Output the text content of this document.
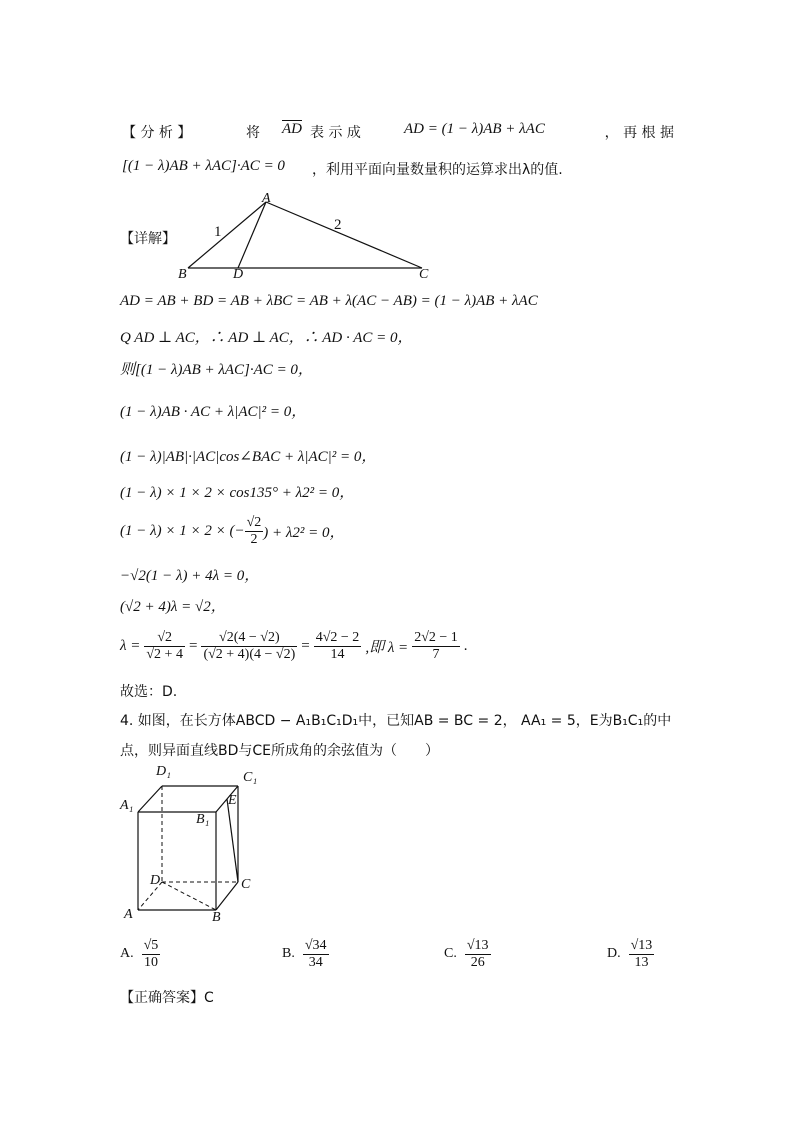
【 分 析 】	将 $\overline{AD}$ 表 示 成	AD = (1 − λ)AB + λAC	， 再 根 据
[(1 − λ)AB + λAC]·AC = 0 ，利用平面向量数量积的运算求出λ的值.
【详解】
A
B	D	C
1	2
AD = AB + BD = AB + λBC = AB + λ(AC − AB) = (1 − λ)AB + λAC
Q AD ⊥ AC，∴ AD ⊥ AC，∴ AD · AC = 0，
则[(1 − λ)AB + λAC]·AC = 0，
(1 − λ)AB · AC + λ|AC|² = 0，
(1 − λ)|AB|·|AC|cos∠BAC + λ|AC|² = 0，
(1 − λ) × 1 × 2 × cos135° + λ2² = 0，
(1 − λ) × 1 × 2 × (− $\frac{√2}{2}$ ) + λ2² = 0，
−√2(1 − λ) + 4λ = 0，
(√2 + 4)λ = √2，
$\lambda = \frac{√2}{√2 + 4} = \frac{√2(4 - √2)}{(√2 + 4)(4 - √2)} = \frac{4√2 - 2}{14}$ ,即 $\lambda = \frac{2√2 - 1}{7}$ .
故选：D.
4. 如图，在长方体ABCD − A₁B₁C₁D₁中，已知AB = BC = 2， AA₁ = 5，E为B₁C₁的中
点，则异面直线BD与CE所成角的余弦值为（　　）
D₁	C₁
A₁	E
B₁
D	C
A	B
A. $\frac{√5}{10}$	B. $\frac{√34}{34}$	C. $\frac{√13}{26}$	D. $\frac{√13}{13}$
【正确答案】C
